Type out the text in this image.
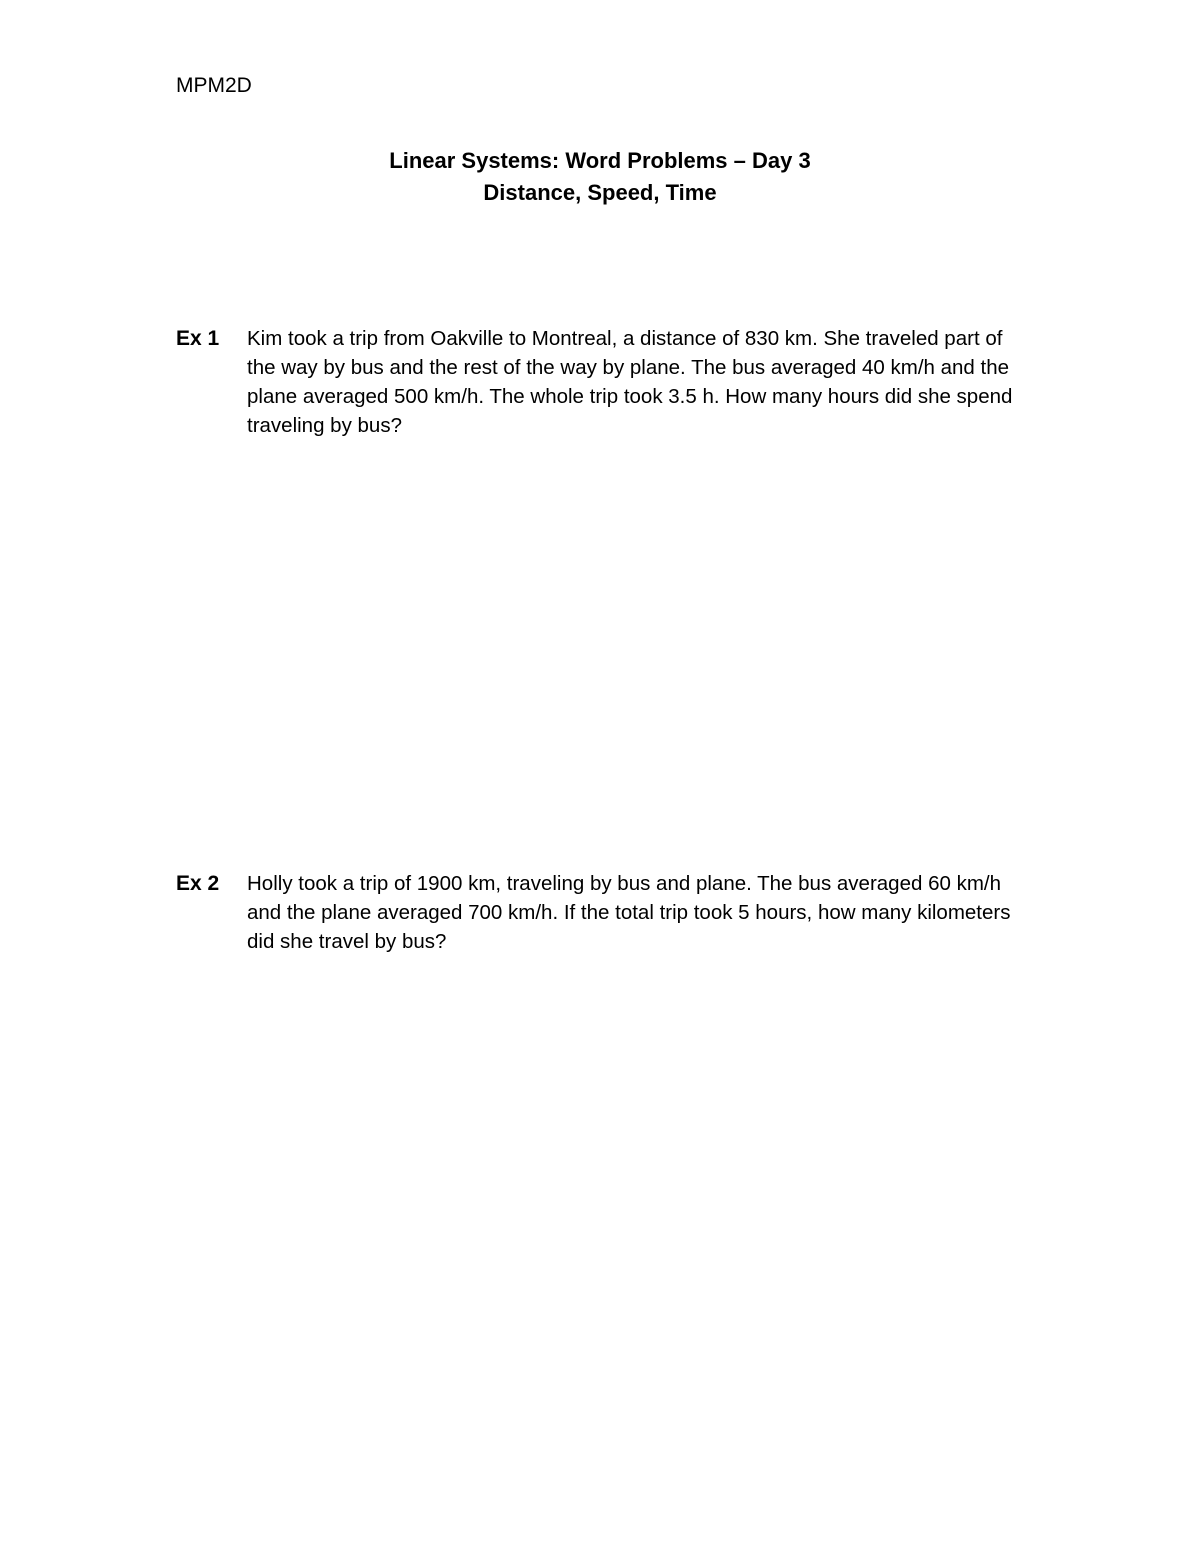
MPM2D
Linear Systems: Word Problems – Day 3
Distance, Speed, Time
Ex 1 Kim took a trip from Oakville to Montreal, a distance of 830 km. She traveled part of the way by bus and the rest of the way by plane. The bus averaged 40 km/h and the plane averaged 500 km/h. The whole trip took 3.5 h. How many hours did she spend traveling by bus?
Ex 2 Holly took a trip of 1900 km, traveling by bus and plane. The bus averaged 60 km/h and the plane averaged 700 km/h. If the total trip took 5 hours, how many kilometers did she travel by bus?
